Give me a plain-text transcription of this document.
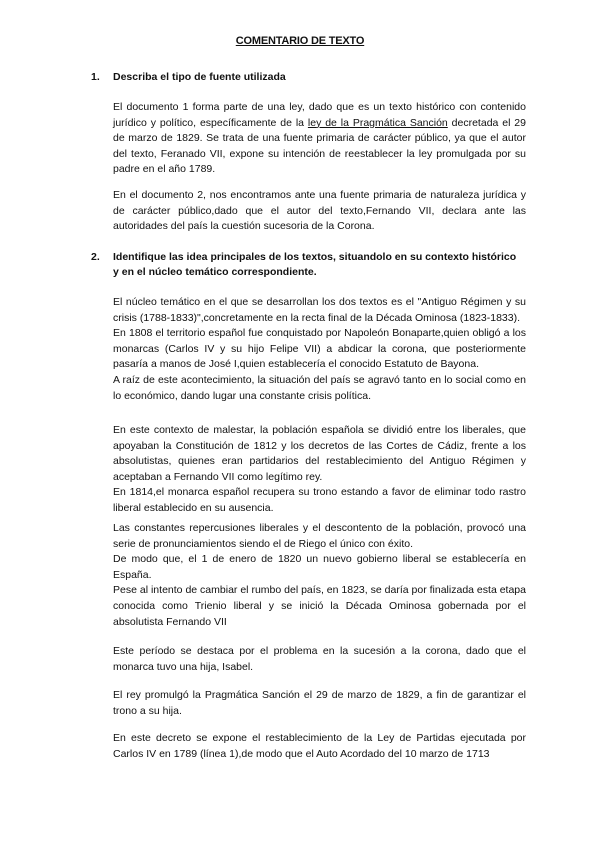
COMENTARIO DE TEXTO
1. Describa el tipo de fuente utilizada

El documento 1 forma parte de una ley, dado que es un texto histórico con contenido jurídico y político, específicamente de la ley de la Pragmática Sanción decretada el 29 de marzo de 1829. Se trata de una fuente primaria de carácter público, ya que el autor del texto, Feranado VII, expone su intención de reestablecer la ley promulgada por su padre en el año 1789.

En el documento 2, nos encontramos ante una fuente primaria de naturaleza jurídica y de carácter público,dado que el autor del texto,Fernando VII, declara ante las autoridades del país la cuestión sucesoria de la Corona.

2. Identifique las idea principales de los textos, situandolo en su contexto histórico y en el núcleo temático correspondiente.
El núcleo temático en el que se desarrollan los dos textos es el "Antiguo Régimen y su crisis (1788-1833)",concretamente en la recta final de la Década Ominosa (1823-1833).
En 1808 el territorio español fue conquistado por Napoleón Bonaparte,quien obligó a los monarcas (Carlos IV y su hijo Felipe VII) a abdicar la corona, que posteriormente pasaría a manos de José I,quien establecería el conocido Estatuto de Bayona.
A raíz de este acontecimiento, la situación del país se agravó tanto en lo social como en lo económico, dando lugar una constante crisis política.
En este contexto de malestar, la población española se dividió entre los liberales, que apoyaban la Constitución de 1812 y los decretos de las Cortes de Cádiz, frente a los absolutistas, quienes eran partidarios del restablecimiento del Antiguo Régimen y aceptaban a Fernando VII como legítimo rey.
En 1814,el monarca español recupera su trono estando a favor de eliminar todo rastro liberal establecido en su ausencia.
Las constantes repercusiones liberales y el descontento de la población, provocó una serie de pronunciamientos siendo el de Riego el único con éxito.
De modo que, el 1 de enero de 1820 un nuevo gobierno liberal se establecería en España.
Pese al intento de cambiar el rumbo del país, en 1823, se daría por finalizada esta etapa conocida como Trienio liberal y se inició la Década Ominosa gobernada por el absolutista Fernando VII

Este período se destaca por el problema en la sucesión a la corona, dado que el monarca tuvo una hija, Isabel.

El rey promulgó la Pragmática Sanción el 29 de marzo de 1829, a fin de garantizar el trono a su hija.

En este decreto se expone el restablecimiento de la Ley de Partidas ejecutada por Carlos IV en 1789 (línea 1),de modo que el Auto Acordado del 10 marzo de 1713
